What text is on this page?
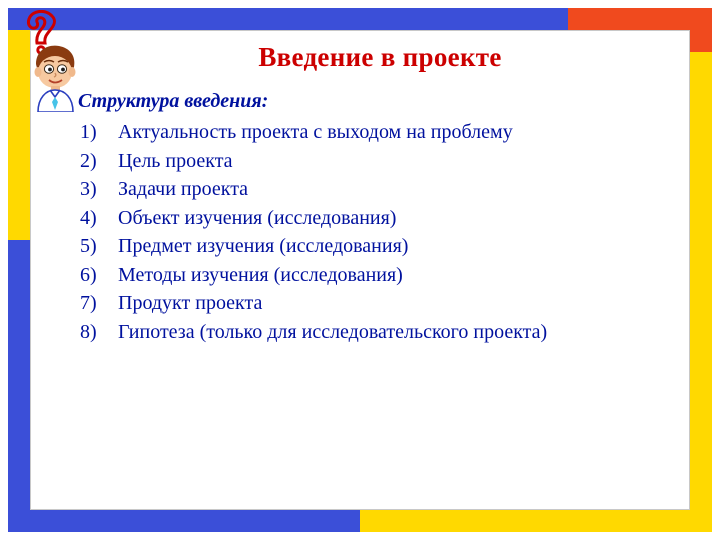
Введение в проекте

Структура введения:

1)	Актуальность проекта с выходом на проблему
2)	Цель проекта
3)	Задачи проекта
4)	Объект изучения (исследования)
5)	Предмет изучения (исследования)
6)	Методы изучения (исследования)
7)	Продукт проекта
8)	Гипотеза (только для исследовательского проекта)
